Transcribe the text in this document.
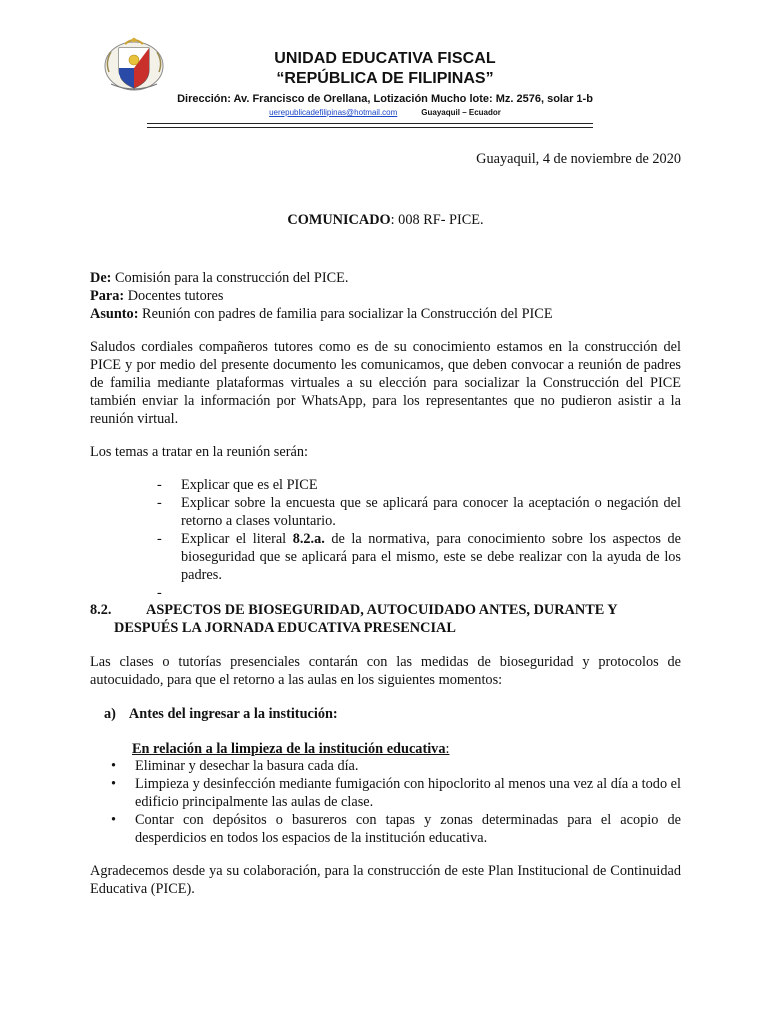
UNIDAD EDUCATIVA FISCAL
“REPÚBLICA DE FILIPINAS”
Dirección: Av. Francisco de Orellana, Lotización Mucho lote: Mz. 2576, solar 1-b
uerepublicadefilipinas@hotmail.com	Guayaquil – Ecuador
Guayaquil, 4 de noviembre de 2020
COMUNICADO: 008 RF- PICE.
De: Comisión para la construcción del PICE.
Para: Docentes tutores
Asunto: Reunión con padres de familia para socializar la Construcción del PICE
Saludos cordiales compañeros tutores como es de su conocimiento estamos en la construcción del PICE y por medio del presente documento les comunicamos, que deben convocar a reunión de padres de familia mediante plataformas virtuales a su elección para socializar la Construcción del PICE también enviar la información por WhatsApp, para los representantes que no pudieron asistir a la reunión virtual.
Los temas a tratar en la reunión serán:
- Explicar que es el PICE
- Explicar sobre la encuesta que se aplicará para conocer la aceptación o negación del retorno a clases voluntario.
- Explicar el literal 8.2.a. de la normativa, para conocimiento sobre los aspectos de bioseguridad que se aplicará para el mismo, este se debe realizar con la ayuda de los padres.
-
8.2. ASPECTOS DE BIOSEGURIDAD, AUTOCUIDADO ANTES, DURANTE Y
DESPUÉS LA JORNADA EDUCATIVA PRESENCIAL
Las clases o tutorías presenciales contarán con las medidas de bioseguridad y protocolos de autocuidado, para que el retorno a las aulas en los siguientes momentos:
a) Antes del ingresar a la institución:
En relación a la limpieza de la institución educativa:
• Eliminar y desechar la basura cada día.
• Limpieza y desinfección mediante fumigación con hipoclorito al menos una vez al día a todo el edificio principalmente las aulas de clase.
• Contar con depósitos o basureros con tapas y zonas determinadas para el acopio de desperdicios en todos los espacios de la institución educativa.
Agradecemos desde ya su colaboración, para la construcción de este Plan Institucional de Continuidad Educativa (PICE).
